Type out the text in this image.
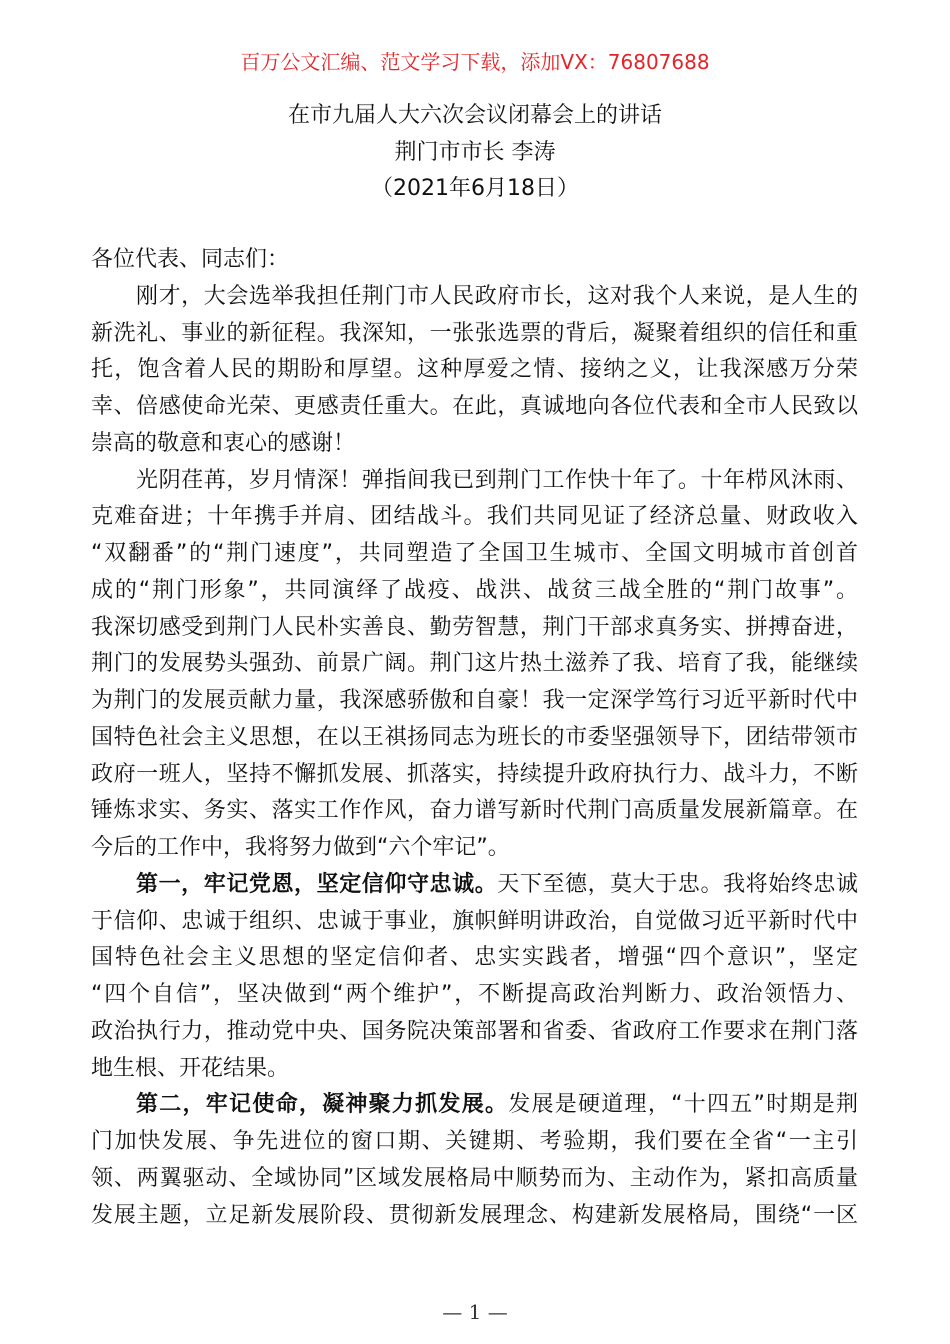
百万公文汇编、范文学习下载，添加VX：76807688
在市九届人大六次会议闭幕会上的讲话
荆门市市长 李涛
（2021年6月18日）
各位代表、同志们：
刚才，大会选举我担任荆门市人民政府市长，这对我个人来说，是人生的
新洗礼、事业的新征程。我深知，一张张选票的背后，凝聚着组织的信任和重
托，饱含着人民的期盼和厚望。这种厚爱之情、接纳之义，让我深感万分荣
幸、倍感使命光荣、更感责任重大。在此，真诚地向各位代表和全市人民致以
崇高的敬意和衷心的感谢！
光阴荏苒，岁月情深！弹指间我已到荆门工作快十年了。十年栉风沐雨、
克难奋进；十年携手并肩、团结战斗。我们共同见证了经济总量、财政收入
“双翻番”的“荆门速度”，共同塑造了全国卫生城市、全国文明城市首创首
成的“荆门形象”，共同演绎了战疫、战洪、战贫三战全胜的“荆门故事”。
我深切感受到荆门人民朴实善良、勤劳智慧，荆门干部求真务实、拼搏奋进，
荆门的发展势头强劲、前景广阔。荆门这片热土滋养了我、培育了我，能继续
为荆门的发展贡献力量，我深感骄傲和自豪！我一定深学笃行习近平新时代中
国特色社会主义思想，在以王祺扬同志为班长的市委坚强领导下，团结带领市
政府一班人，坚持不懈抓发展、抓落实，持续提升政府执行力、战斗力，不断
锤炼求实、务实、落实工作作风，奋力谱写新时代荆门高质量发展新篇章。在
今后的工作中，我将努力做到“六个牢记”。
第一，牢记党恩，坚定信仰守忠诚。天下至德，莫大于忠。我将始终忠诚
于信仰、忠诚于组织、忠诚于事业，旗帜鲜明讲政治，自觉做习近平新时代中
国特色社会主义思想的坚定信仰者、忠实实践者，增强“四个意识”，坚定
“四个自信”，坚决做到“两个维护”，不断提高政治判断力、政治领悟力、
政治执行力，推动党中央、国务院决策部署和省委、省政府工作要求在荆门落
地生根、开花结果。
第二，牢记使命，凝神聚力抓发展。发展是硬道理，“十四五”时期是荆
门加快发展、争先进位的窗口期、关键期、考验期，我们要在全省“一主引
领、两翼驱动、全域协同”区域发展格局中顺势而为、主动作为，紧扣高质量
发展主题，立足新发展阶段、贯彻新发展理念、构建新发展格局，围绕“一区
— 1 —
